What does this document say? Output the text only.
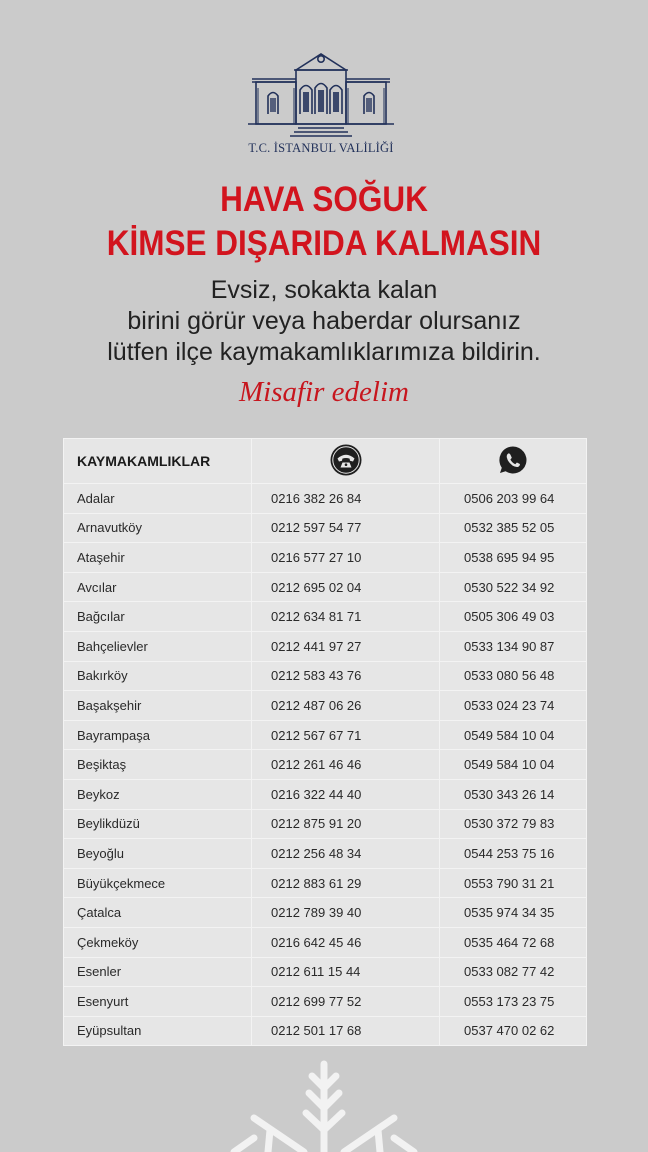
T.C. İSTANBUL VALİLİĞİ
HAVA SOĞUK
KİMSE DIŞARIDA KALMASIN
Evsiz, sokakta kalan
birini görür veya haberdar olursanız
lütfen ilçe kaymakamlıklarımıza bildirin.
Misafir edelim
KAYMAKAMLIKLAR		
Adalar	0216 382 26 84	0506 203 99 64
Arnavutköy	0212 597 54 77	0532 385 52 05
Ataşehir	0216 577 27 10	0538 695 94 95
Avcılar	0212 695 02 04	0530 522 34 92
Bağcılar	0212 634 81 71	0505 306 49 03
Bahçelievler	0212 441 97 27	0533 134 90 87
Bakırköy	0212 583 43 76	0533 080 56 48
Başakşehir	0212 487 06 26	0533 024 23 74
Bayrampaşa	0212 567 67 71	0549 584 10 04
Beşiktaş	0212 261 46 46	0549 584 10 04
Beykoz	0216 322 44 40	0530 343 26 14
Beylikdüzü	0212 875 91 20	0530 372 79 83
Beyoğlu	0212 256 48 34	0544 253 75 16
Büyükçekmece	0212 883 61 29	0553 790 31 21
Çatalca	0212 789 39 40	0535 974 34 35
Çekmeköy	0216 642 45 46	0535 464 72 68
Esenler	0212 611 15 44	0533 082 77 42
Esenyurt	0212 699 77 52	0553 173 23 75
Eyüpsultan	0212 501 17 68	0537 470 02 62
